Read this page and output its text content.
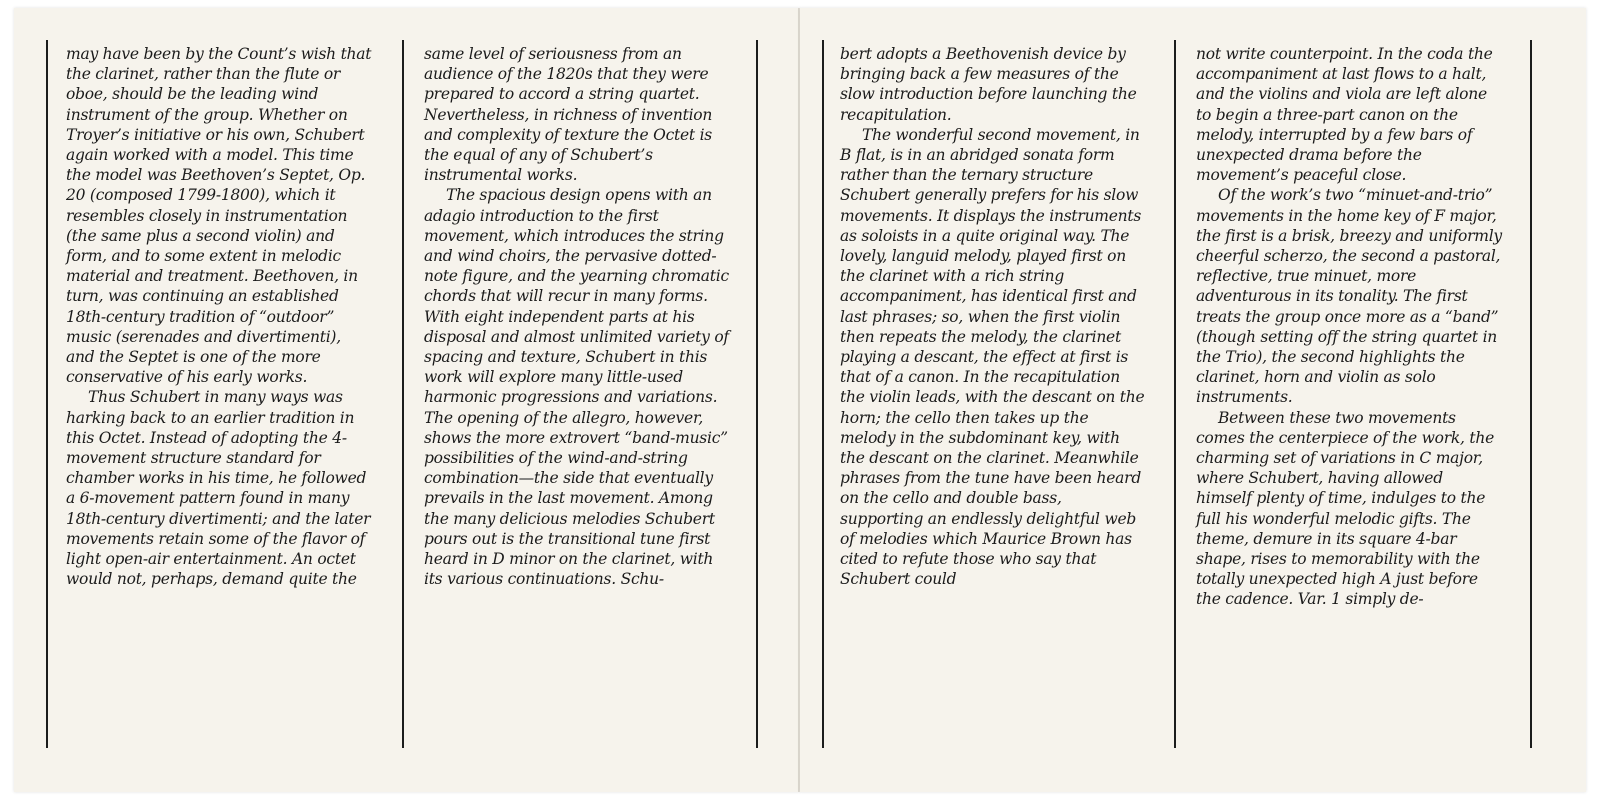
may have been by the Count’s wish that the clarinet, rather than the flute or oboe, should be the leading wind instrument of the group. Whether on Troyer’s initiative or his own, Schubert again worked with a model. This time the model was Beethoven’s Septet, Op. 20 (composed 1799-1800), which it resembles closely in instrumentation (the same plus a second violin) and form, and to some extent in melodic material and treatment. Beethoven, in turn, was continuing an established 18th-century tradition of “outdoor” music (serenades and divertimenti), and the Septet is one of the more conservative of his early works.

Thus Schubert in many ways was harking back to an earlier tradition in this Octet. Instead of adopting the 4-movement structure standard for chamber works in his time, he followed a 6-movement pattern found in many 18th-century divertimenti; and the later movements retain some of the flavor of light open-air entertainment. An octet would not, perhaps, demand quite the

same level of seriousness from an audience of the 1820s that they were prepared to accord a string quartet. Nevertheless, in richness of invention and complexity of texture the Octet is the equal of any of Schubert’s instrumental works.

The spacious design opens with an adagio introduction to the first movement, which introduces the string and wind choirs, the pervasive dotted-note figure, and the yearning chromatic chords that will recur in many forms. With eight independent parts at his disposal and almost unlimited variety of spacing and texture, Schubert in this work will explore many little-used harmonic progressions and variations. The opening of the allegro, however, shows the more extrovert “band-music” possibilities of the wind-and-string combination—the side that eventually prevails in the last movement. Among the many delicious melodies Schubert pours out is the transitional tune first heard in D minor on the clarinet, with its various continuations. Schu-

bert adopts a Beethovenish device by bringing back a few measures of the slow introduction before launching the recapitulation.

The wonderful second movement, in B flat, is in an abridged sonata form rather than the ternary structure Schubert generally prefers for his slow movements. It displays the instruments as soloists in a quite original way. The lovely, languid melody, played first on the clarinet with a rich string accompaniment, has identical first and last phrases; so, when the first violin then repeats the melody, the clarinet playing a descant, the effect at first is that of a canon. In the recapitulation the violin leads, with the descant on the horn; the cello then takes up the melody in the subdominant key, with the descant on the clarinet. Meanwhile phrases from the tune have been heard on the cello and double bass, supporting an endlessly delightful web of melodies which Maurice Brown has cited to refute those who say that Schubert could

not write counterpoint. In the coda the accompaniment at last flows to a halt, and the violins and viola are left alone to begin a three-part canon on the melody, interrupted by a few bars of unexpected drama before the movement’s peaceful close.

Of the work’s two “minuet-and-trio” movements in the home key of F major, the first is a brisk, breezy and uniformly cheerful scherzo, the second a pastoral, reflective, true minuet, more adventurous in its tonality. The first treats the group once more as a “band” (though setting off the string quartet in the Trio), the second highlights the clarinet, horn and violin as solo instruments.

Between these two movements comes the centerpiece of the work, the charming set of variations in C major, where Schubert, having allowed himself plenty of time, indulges to the full his wonderful melodic gifts. The theme, demure in its square 4-bar shape, rises to memorability with the totally unexpected high A just before the cadence. Var. 1 simply de-
